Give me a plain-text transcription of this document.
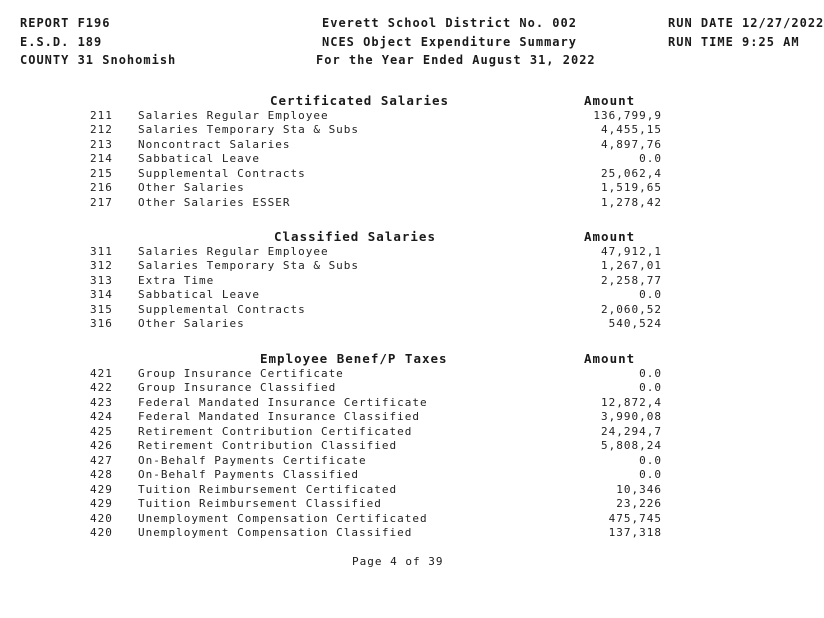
REPORT F196
E.S.D. 189
COUNTY 31 Snohomish
Everett School District No. 002
NCES Object Expenditure Summary
For the Year Ended August 31, 2022
RUN DATE 12/27/2022
RUN TIME 9:25 AM
Certificated Salaries	Amount
211	Salaries Regular Employee	136,799,9
212	Salaries Temporary Sta & Subs	4,455,15
213	Noncontract Salaries	4,897,76
214	Sabbatical Leave	0.0
215	Supplemental Contracts	25,062,4
216	Other Salaries	1,519,65
217	Other Salaries ESSER	1,278,42
Classified Salaries	Amount
311	Salaries Regular Employee	47,912,1
312	Salaries Temporary Sta & Subs	1,267,01
313	Extra Time	2,258,77
314	Sabbatical Leave	0.0
315	Supplemental Contracts	2,060,52
316	Other Salaries	540,524
Employee Benef/P Taxes	Amount
421	Group Insurance Certificate	0.0
422	Group Insurance Classified	0.0
423	Federal Mandated Insurance Certificate	12,872,4
424	Federal Mandated Insurance Classified	3,990,08
425	Retirement Contribution Certificated	24,294,7
426	Retirement Contribution Classified	5,808,24
427	On-Behalf Payments Certificate	0.0
428	On-Behalf Payments Classified	0.0
429	Tuition Reimbursement Certificated	10,346
429	Tuition Reimbursement Classified	23,226
420	Unemployment Compensation Certificated	475,745
420	Unemployment Compensation Classified	137,318
Page 4 of 39
